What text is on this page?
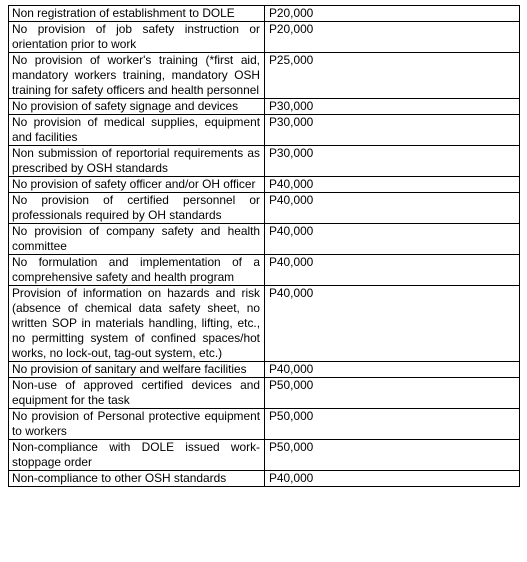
Non registration of establishment to DOLE	P20,000
No provision of job safety instruction or orientation prior to work	P20,000
No provision of worker's training (*first aid, mandatory workers training, mandatory OSH training for safety officers and health personnel	P25,000
No provision of safety signage and devices	P30,000
No provision of medical supplies, equipment and facilities	P30,000
Non submission of reportorial requirements as prescribed by OSH standards	P30,000
No provision of safety officer and/or OH officer	P40,000
No provision of certified personnel or professionals required by OH standards	P40,000
No provision of company safety and health committee	P40,000
No formulation and implementation of a comprehensive safety and health program	P40,000
Provision of information on hazards and risk (absence of chemical data safety sheet, no written SOP in materials handling, lifting, etc., no permitting system of confined spaces/hot works, no lock-out, tag-out system, etc.)	P40,000
No provision of sanitary and welfare facilities	P40,000
Non-use of approved certified devices and equipment for the task	P50,000
No provision of Personal protective equipment to workers	P50,000
Non-compliance with DOLE issued work-stoppage order	P50,000
Non-compliance to other OSH standards	P40,000
